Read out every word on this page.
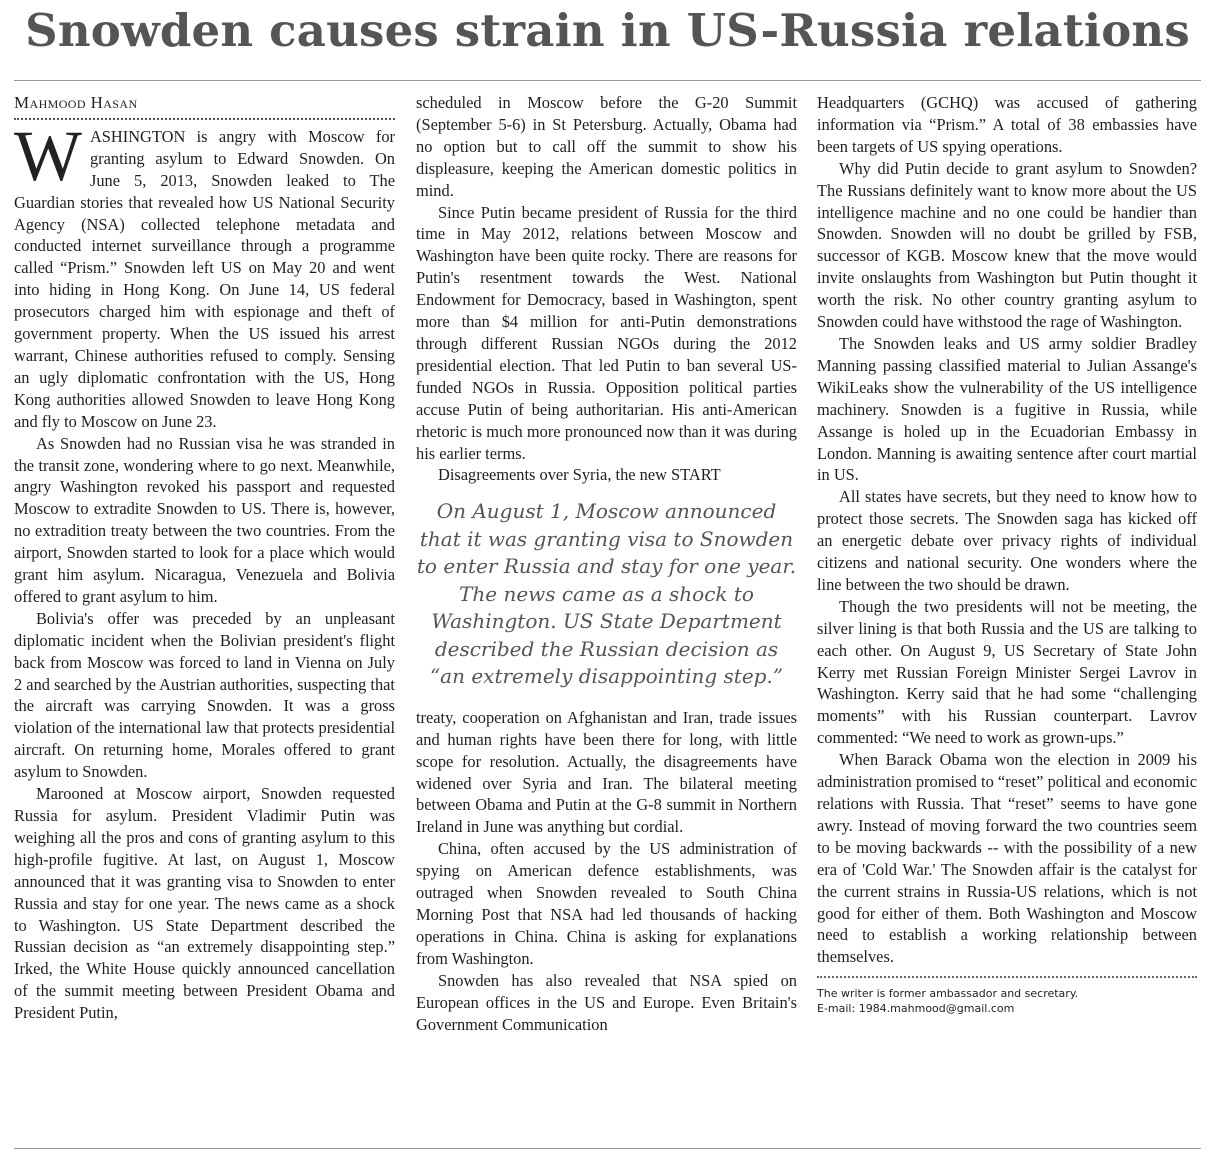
Snowden causes strain in US-Russia relations
Mahmood Hasan

WASHINGTON is angry with Moscow for granting asylum to Edward Snowden. On June 5, 2013, Snowden leaked to The Guardian stories that revealed how US National Security Agency (NSA) collected telephone metadata and conducted internet surveillance through a programme called “Prism.” Snowden left US on May 20 and went into hiding in Hong Kong. On June 14, US federal prosecutors charged him with espionage and theft of government property. When the US issued his arrest warrant, Chinese authorities refused to comply. Sensing an ugly diplomatic confrontation with the US, Hong Kong authorities allowed Snowden to leave Hong Kong and fly to Moscow on June 23.

As Snowden had no Russian visa he was stranded in the transit zone, wondering where to go next. Meanwhile, angry Washington revoked his passport and requested Moscow to extradite Snowden to US. There is, however, no extradition treaty between the two countries. From the airport, Snowden started to look for a place which would grant him asylum. Nicaragua, Venezuela and Bolivia offered to grant asylum to him.

Bolivia's offer was preceded by an unpleasant diplomatic incident when the Bolivian president's flight back from Moscow was forced to land in Vienna on July 2 and searched by the Austrian authorities, suspecting that the aircraft was carrying Snowden. It was a gross violation of the international law that protects presidential aircraft. On returning home, Morales offered to grant asylum to Snowden.

Marooned at Moscow airport, Snowden requested Russia for asylum. President Vladimir Putin was weighing all the pros and cons of granting asylum to this high-profile fugitive. At last, on August 1, Moscow announced that it was granting visa to Snowden to enter Russia and stay for one year. The news came as a shock to Washington. US State Department described the Russian decision as “an extremely disappointing step.” Irked, the White House quickly announced cancellation of the summit meeting between President Obama and President Putin,

scheduled in Moscow before the G-20 Summit (September 5-6) in St Petersburg. Actually, Obama had no option but to call off the summit to show his displeasure, keeping the American domestic politics in mind.

Since Putin became president of Russia for the third time in May 2012, relations between Moscow and Washington have been quite rocky. There are reasons for Putin's resentment towards the West. National Endowment for Democracy, based in Washington, spent more than $4 million for anti-Putin demonstrations through different Russian NGOs during the 2012 presidential election. That led Putin to ban several US-funded NGOs in Russia. Opposition political parties accuse Putin of being authoritarian. His anti-American rhetoric is much more pronounced now than it was during his earlier terms.

Disagreements over Syria, the new START

On August 1, Moscow announced that it was granting visa to Snowden to enter Russia and stay for one year. The news came as a shock to Washington. US State Department described the Russian decision as “an extremely disappointing step.”

treaty, cooperation on Afghanistan and Iran, trade issues and human rights have been there for long, with little scope for resolution. Actually, the disagreements have widened over Syria and Iran. The bilateral meeting between Obama and Putin at the G-8 summit in Northern Ireland in June was anything but cordial.

China, often accused by the US administration of spying on American defence establishments, was outraged when Snowden revealed to South China Morning Post that NSA had led thousands of hacking operations in China. China is asking for explanations from Washington.

Snowden has also revealed that NSA spied on European offices in the US and Europe. Even Britain's Government Communication

Headquarters (GCHQ) was accused of gathering information via “Prism.” A total of 38 embassies have been targets of US spying operations.

Why did Putin decide to grant asylum to Snowden? The Russians definitely want to know more about the US intelligence machine and no one could be handier than Snowden. Snowden will no doubt be grilled by FSB, successor of KGB. Moscow knew that the move would invite onslaughts from Washington but Putin thought it worth the risk. No other country granting asylum to Snowden could have withstood the rage of Washington.

The Snowden leaks and US army soldier Bradley Manning passing classified material to Julian Assange's WikiLeaks show the vulnerability of the US intelligence machinery. Snowden is a fugitive in Russia, while Assange is holed up in the Ecuadorian Embassy in London. Manning is awaiting sentence after court martial in US.

All states have secrets, but they need to know how to protect those secrets. The Snowden saga has kicked off an energetic debate over privacy rights of individual citizens and national security. One wonders where the line between the two should be drawn.

Though the two presidents will not be meeting, the silver lining is that both Russia and the US are talking to each other. On August 9, US Secretary of State John Kerry met Russian Foreign Minister Sergei Lavrov in Washington. Kerry said that he had some “challenging moments” with his Russian counterpart. Lavrov commented: “We need to work as grown-ups.”

When Barack Obama won the election in 2009 his administration promised to “reset” political and economic relations with Russia. That “reset” seems to have gone awry. Instead of moving forward the two countries seem to be moving backwards -- with the possibility of a new era of 'Cold War.' The Snowden affair is the catalyst for the current strains in Russia-US relations, which is not good for either of them. Both Washington and Moscow need to establish a working relationship between themselves.

The writer is former ambassador and secretary.
E-mail: 1984.mahmood@gmail.com
